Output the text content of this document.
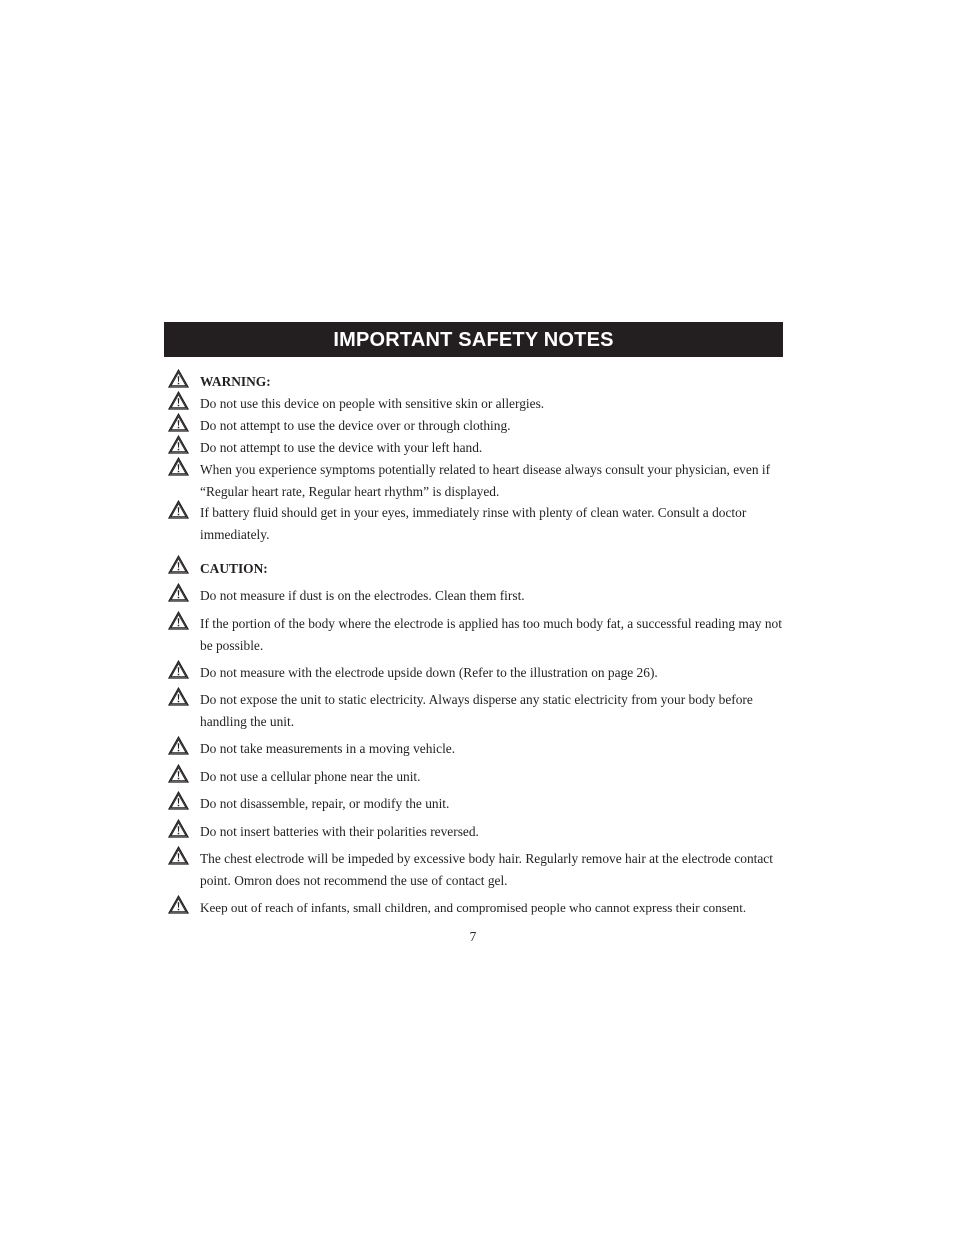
IMPORTANT SAFETY NOTES
WARNING:
Do not use this device on people with sensitive skin or allergies.
Do not attempt to use the device over or through clothing.
Do not attempt to use the device with your left hand.
When you experience symptoms potentially related to heart disease always consult your physician, even if “Regular heart rate, Regular heart rhythm” is displayed.
If battery fluid should get in your eyes, immediately rinse with plenty of clean water. Consult a doctor immediately.
CAUTION:
Do not measure if dust is on the electrodes. Clean them first.
If the portion of the body where the electrode is applied has too much body fat, a successful reading may not be possible.
Do not measure with the electrode upside down (Refer to the illustration on page 26).
Do not expose the unit to static electricity. Always disperse any static electricity from your body before handling the unit.
Do not take measurements in a moving vehicle.
Do not use a cellular phone near the unit.
Do not disassemble, repair, or modify the unit.
Do not insert batteries with their polarities reversed.
The chest electrode will be impeded by excessive body hair. Regularly remove hair at the electrode contact point. Omron does not recommend the use of contact gel.
Keep out of reach of infants, small children, and compromised people who cannot express their consent.
7
